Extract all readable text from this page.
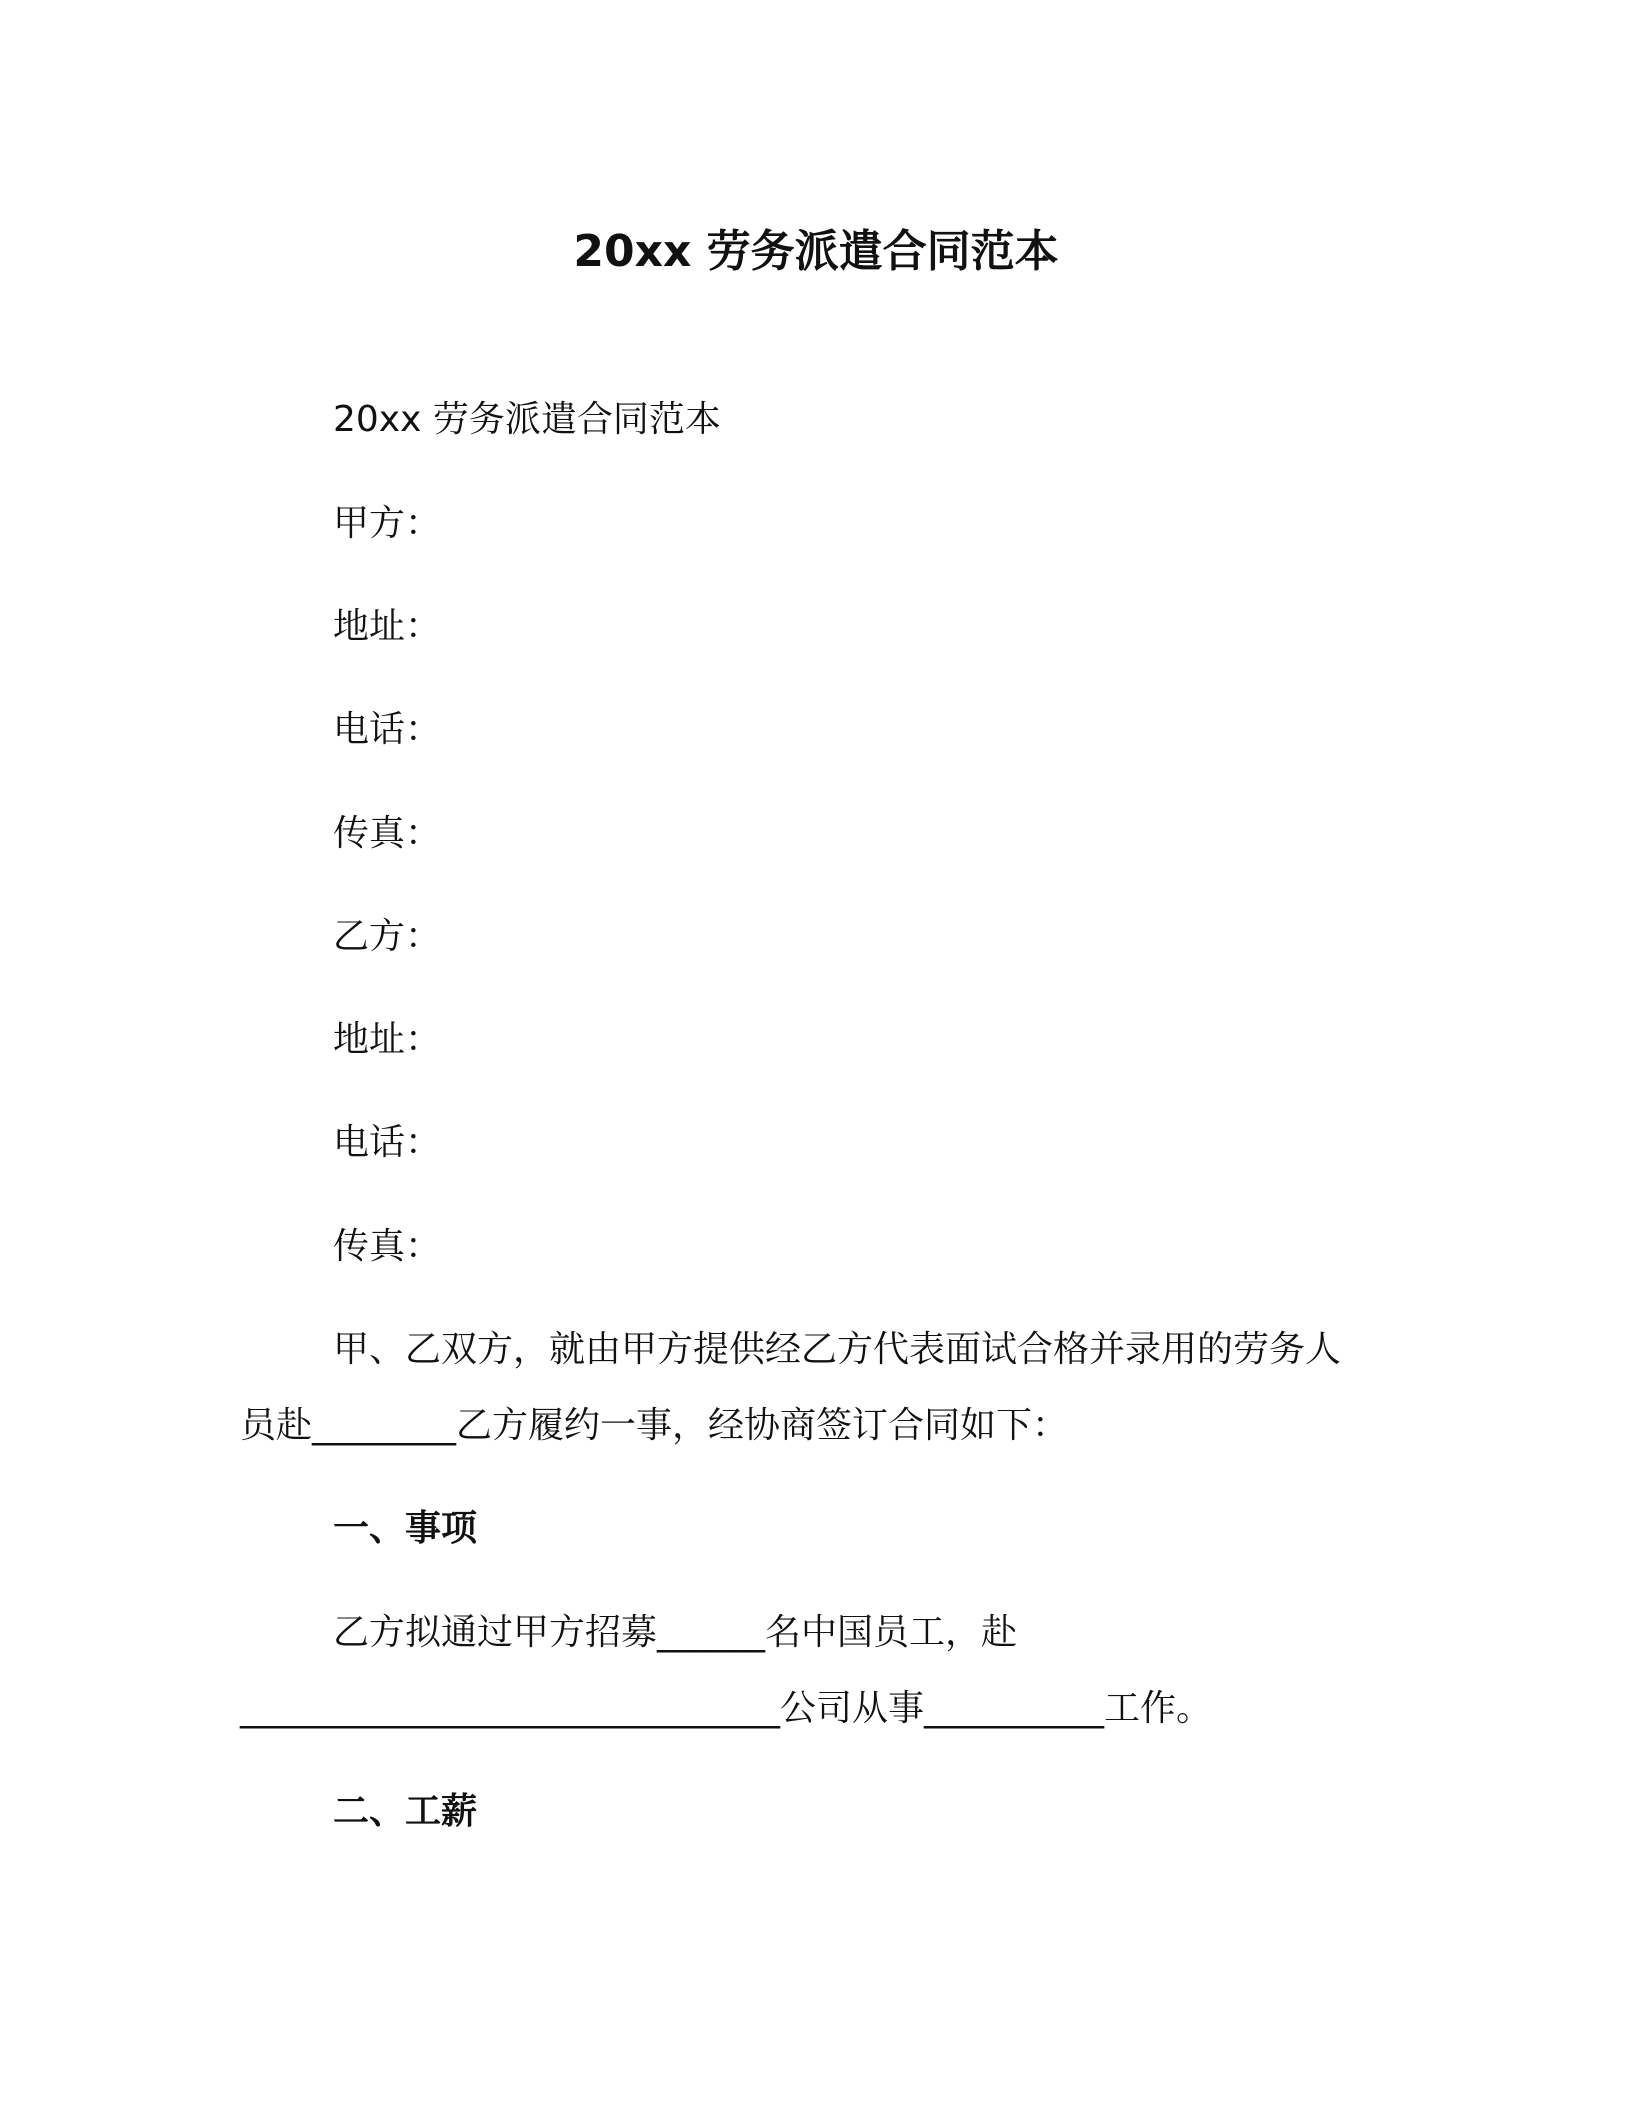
20xx 劳务派遣合同范本
20xx 劳务派遣合同范本
甲方：
地址：
电话：
传真：
乙方：
地址：
电话：
传真：
甲、乙双方，就由甲方提供经乙方代表面试合格并录用的劳务人
员赴________乙方履约一事，经协商签订合同如下：
一、事项
乙方拟通过甲方招募______名中国员工，赴
______________________________公司从事__________工作。
二、工薪
